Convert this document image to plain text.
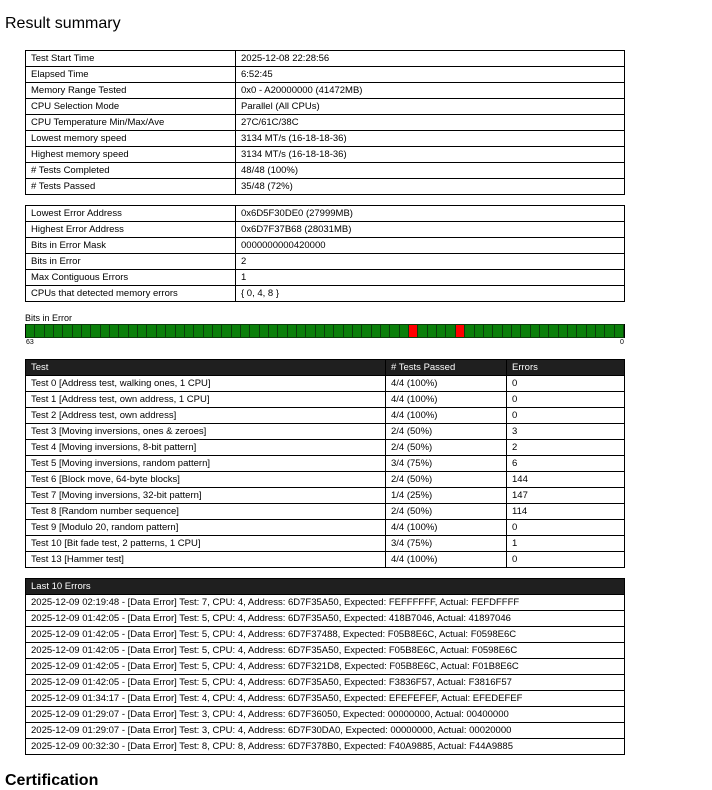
Result summary
Test Start Time	2025-12-08 22:28:56
Elapsed Time	6:52:45
Memory Range Tested	0x0 - A20000000 (41472MB)
CPU Selection Mode	Parallel (All CPUs)
CPU Temperature Min/Max/Ave	27C/61C/38C
Lowest memory speed	3134 MT/s (16-18-18-36)
Highest memory speed	3134 MT/s (16-18-18-36)
# Tests Completed	48/48 (100%)
# Tests Passed	35/48 (72%)
Lowest Error Address	0x6D5F30DE0 (27999MB)
Highest Error Address	0x6D7F37B68 (28031MB)
Bits in Error Mask	0000000000420000
Bits in Error	2
Max Contiguous Errors	1
CPUs that detected memory errors	{ 0, 4, 8 }
Bits in Error
63	0
Test	# Tests Passed	Errors
Test 0 [Address test, walking ones, 1 CPU]	4/4 (100%)	0
Test 1 [Address test, own address, 1 CPU]	4/4 (100%)	0
Test 2 [Address test, own address]	4/4 (100%)	0
Test 3 [Moving inversions, ones & zeroes]	2/4 (50%)	3
Test 4 [Moving inversions, 8-bit pattern]	2/4 (50%)	2
Test 5 [Moving inversions, random pattern]	3/4 (75%)	6
Test 6 [Block move, 64-byte blocks]	2/4 (50%)	144
Test 7 [Moving inversions, 32-bit pattern]	1/4 (25%)	147
Test 8 [Random number sequence]	2/4 (50%)	114
Test 9 [Modulo 20, random pattern]	4/4 (100%)	0
Test 10 [Bit fade test, 2 patterns, 1 CPU]	3/4 (75%)	1
Test 13 [Hammer test]	4/4 (100%)	0
Last 10 Errors
2025-12-09 02:19:48 - [Data Error] Test: 7, CPU: 4, Address: 6D7F35A50, Expected: FEFFFFFF, Actual: FEFDFFFF
2025-12-09 01:42:05 - [Data Error] Test: 5, CPU: 4, Address: 6D7F35A50, Expected: 418B7046, Actual: 41897046
2025-12-09 01:42:05 - [Data Error] Test: 5, CPU: 4, Address: 6D7F37488, Expected: F05B8E6C, Actual: F0598E6C
2025-12-09 01:42:05 - [Data Error] Test: 5, CPU: 4, Address: 6D7F35A50, Expected: F05B8E6C, Actual: F0598E6C
2025-12-09 01:42:05 - [Data Error] Test: 5, CPU: 4, Address: 6D7F321D8, Expected: F05B8E6C, Actual: F01B8E6C
2025-12-09 01:42:05 - [Data Error] Test: 5, CPU: 4, Address: 6D7F35A50, Expected: F3836F57, Actual: F3816F57
2025-12-09 01:34:17 - [Data Error] Test: 4, CPU: 4, Address: 6D7F35A50, Expected: EFEFEFEF, Actual: EFEDEFEF
2025-12-09 01:29:07 - [Data Error] Test: 3, CPU: 4, Address: 6D7F36050, Expected: 00000000, Actual: 00400000
2025-12-09 01:29:07 - [Data Error] Test: 3, CPU: 4, Address: 6D7F30DA0, Expected: 00000000, Actual: 00020000
2025-12-09 00:32:30 - [Data Error] Test: 8, CPU: 8, Address: 6D7F378B0, Expected: F40A9885, Actual: F44A9885
Certification
